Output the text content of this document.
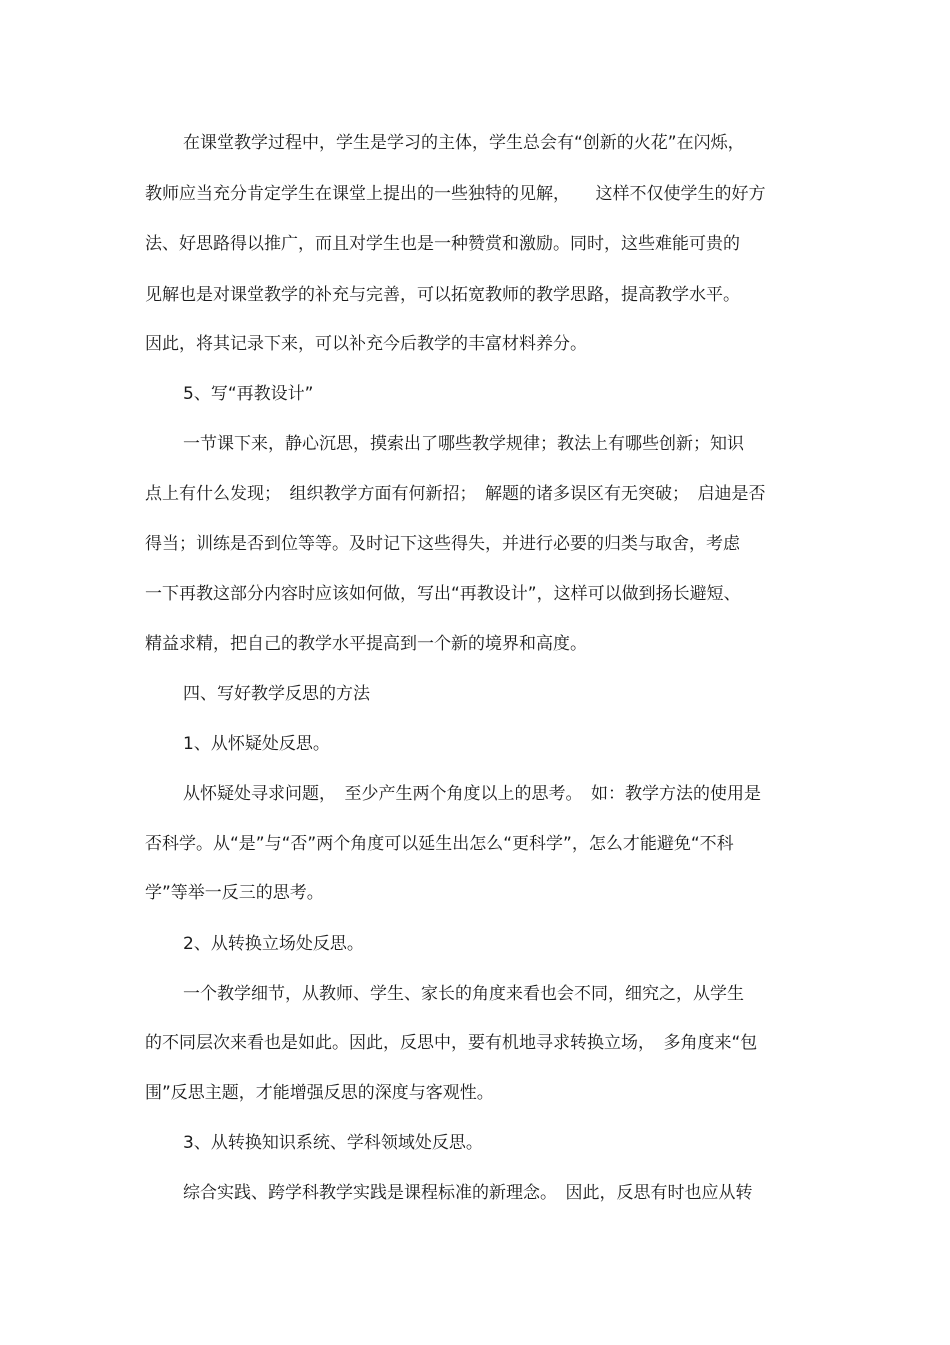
在课堂教学过程中，学生是学习的主体，学生总会有“创新的火花”在闪烁，
教师应当充分肯定学生在课堂上提出的一些独特的见解，　　这样不仅使学生的好方
法、好思路得以推广，而且对学生也是一种赞赏和激励。同时，这些难能可贵的
见解也是对课堂教学的补充与完善，可以拓宽教师的教学思路，提高教学水平。
因此，将其记录下来，可以补充今后教学的丰富材料养分。
5、写“再教设计”
一节课下来，静心沉思，摸索出了哪些教学规律；教法上有哪些创新；知识
点上有什么发现；　组织教学方面有何新招；　解题的诸多误区有无突破；　启迪是否
得当；训练是否到位等等。及时记下这些得失，并进行必要的归类与取舍，考虑
一下再教这部分内容时应该如何做，写出“再教设计”，这样可以做到扬长避短、
精益求精，把自己的教学水平提高到一个新的境界和高度。
四、写好教学反思的方法
1、从怀疑处反思。
从怀疑处寻求问题，　至少产生两个角度以上的思考。　如：教学方法的使用是
否科学。从“是”与“否”两个角度可以延生出怎么“更科学”，怎么才能避免“不科
学”等举一反三的思考。
2、从转换立场处反思。
一个教学细节，从教师、学生、家长的角度来看也会不同，细究之，从学生
的不同层次来看也是如此。因此，反思中，要有机地寻求转换立场，　多角度来“包
围”反思主题，才能增强反思的深度与客观性。
3、从转换知识系统、学科领域处反思。
综合实践、跨学科教学实践是课程标准的新理念。　因此，反思有时也应从转
